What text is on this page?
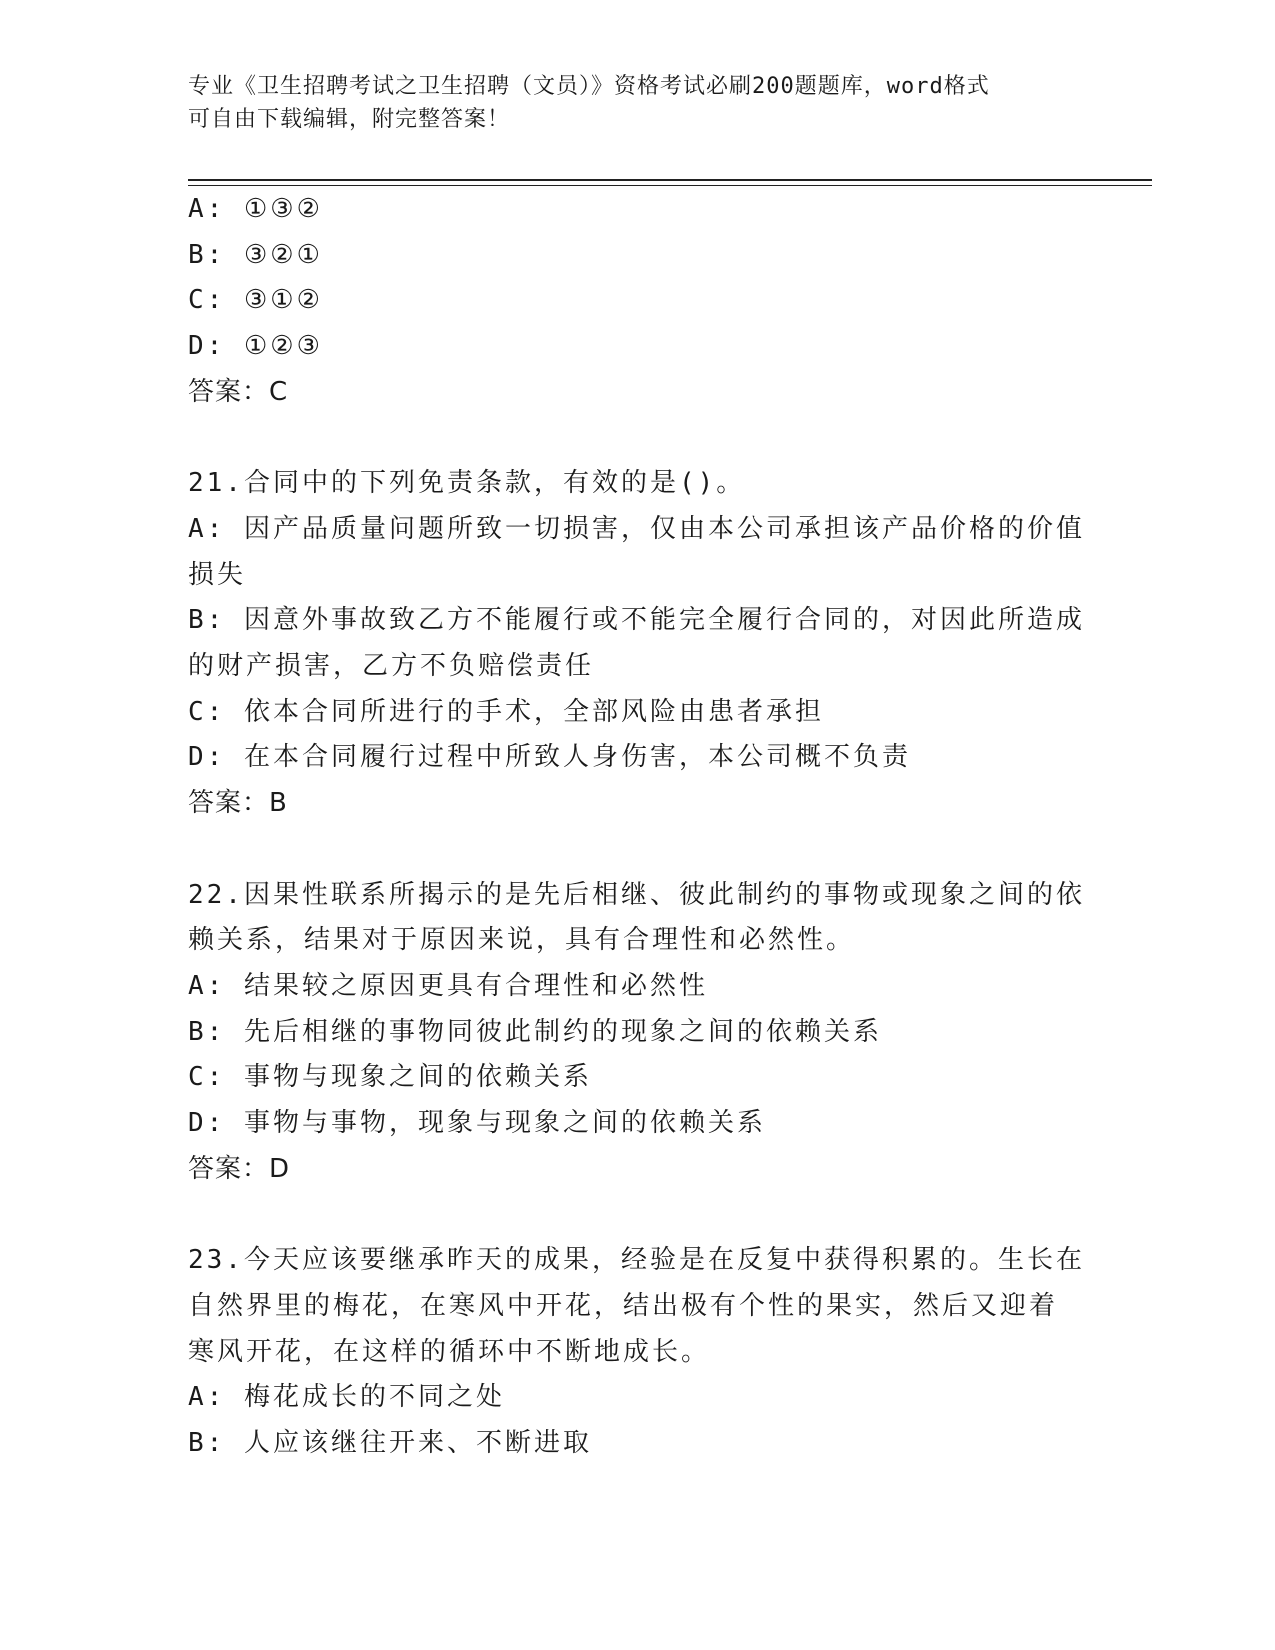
专业《卫生招聘考试之卫生招聘（文员）》资格考试必刷200题题库，word格式
可自由下载编辑，附完整答案！
A: ①③②
B: ③②①
C: ③①②
D: ①②③
答案：C
21.合同中的下列免责条款，有效的是()。
A: 因产品质量问题所致一切损害，仅由本公司承担该产品价格的价值
损失
B: 因意外事故致乙方不能履行或不能完全履行合同的，对因此所造成
的财产损害，乙方不负赔偿责任
C: 依本合同所进行的手术，全部风险由患者承担
D: 在本合同履行过程中所致人身伤害，本公司概不负责
答案：B
22.因果性联系所揭示的是先后相继、彼此制约的事物或现象之间的依
赖关系，结果对于原因来说，具有合理性和必然性。
A: 结果较之原因更具有合理性和必然性
B: 先后相继的事物同彼此制约的现象之间的依赖关系
C: 事物与现象之间的依赖关系
D: 事物与事物，现象与现象之间的依赖关系
答案：D
23.今天应该要继承昨天的成果，经验是在反复中获得积累的。生长在
自然界里的梅花，在寒风中开花，结出极有个性的果实，然后又迎着
寒风开花，在这样的循环中不断地成长。
A: 梅花成长的不同之处
B: 人应该继往开来、不断进取
